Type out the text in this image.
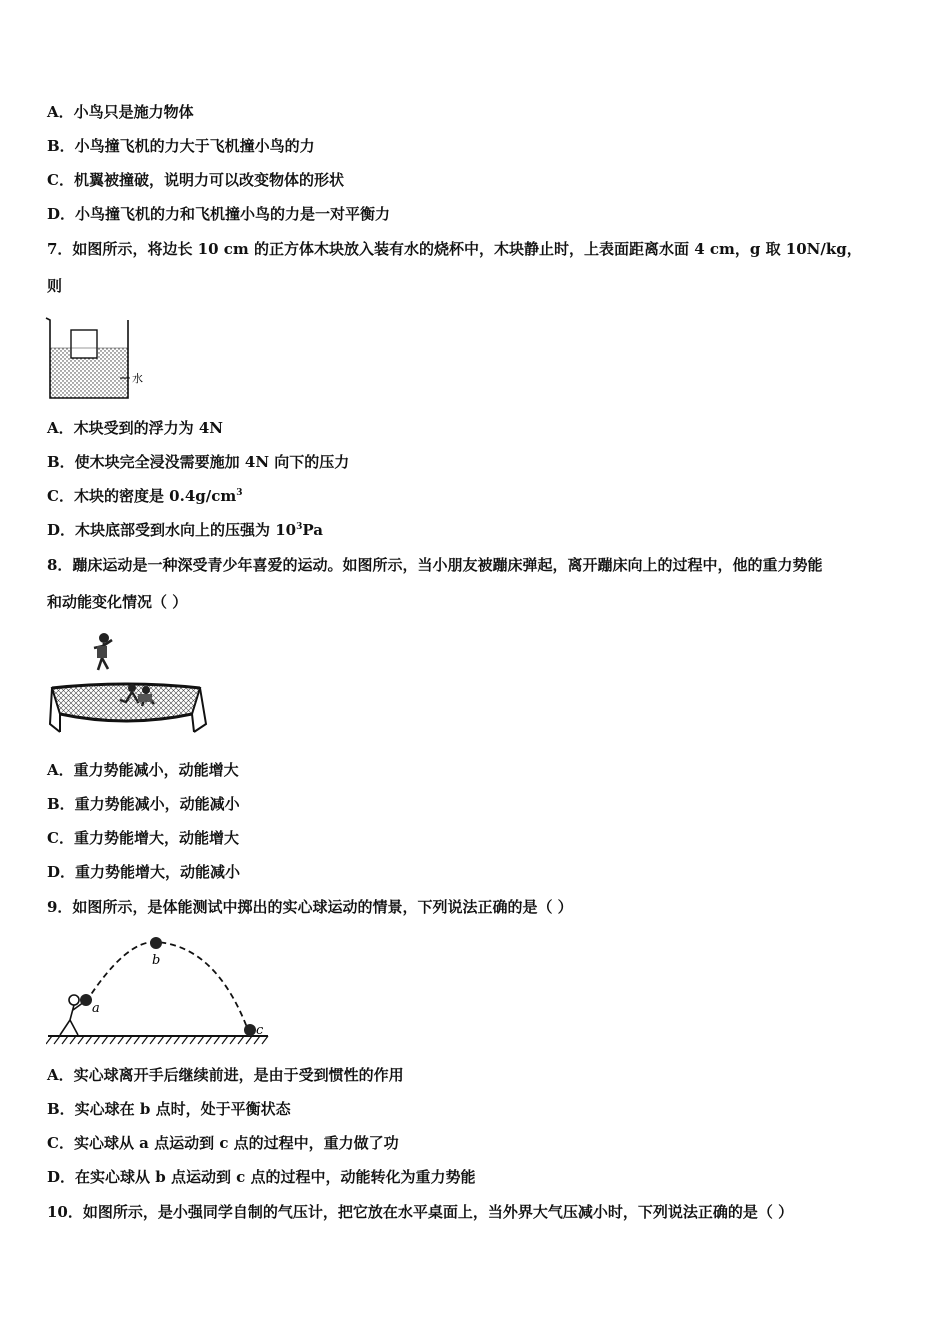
A．小鸟只是施力物体
B．小鸟撞飞机的力大于飞机撞小鸟的力
C．机翼被撞破，说明力可以改变物体的形状
D．小鸟撞飞机的力和飞机撞小鸟的力是一对平衡力
7．如图所示，将边长 10 cm 的正方体木块放入装有水的烧杯中，木块静止时，上表面距离水面 4 cm，g 取 10N/kg，
则
水
A．木块受到的浮力为 4N
B．使木块完全浸没需要施加 4N 向下的压力
C．木块的密度是 $0.4g/cm^3$
D．木块底部受到水向上的压强为 $10^3Pa$
8．蹦床运动是一种深受青少年喜爱的运动。如图所示，当小朋友被蹦床弹起，离开蹦床向上的过程中，他的重力势能
和动能变化情况（ ）
A．重力势能减小，动能增大
B．重力势能减小，动能减小
C．重力势能增大，动能增大
D．重力势能增大，动能减小
9．如图所示，是体能测试中掷出的实心球运动的情景，下列说法正确的是（ ）
a
b
c
A．实心球离开手后继续前进，是由于受到惯性的作用
B．实心球在 b 点时，处于平衡状态
C．实心球从 a 点运动到 c 点的过程中，重力做了功
D．在实心球从 b 点运动到 c 点的过程中，动能转化为重力势能
10．如图所示，是小强同学自制的气压计，把它放在水平桌面上，当外界大气压减小时，下列说法正确的是（ ）
